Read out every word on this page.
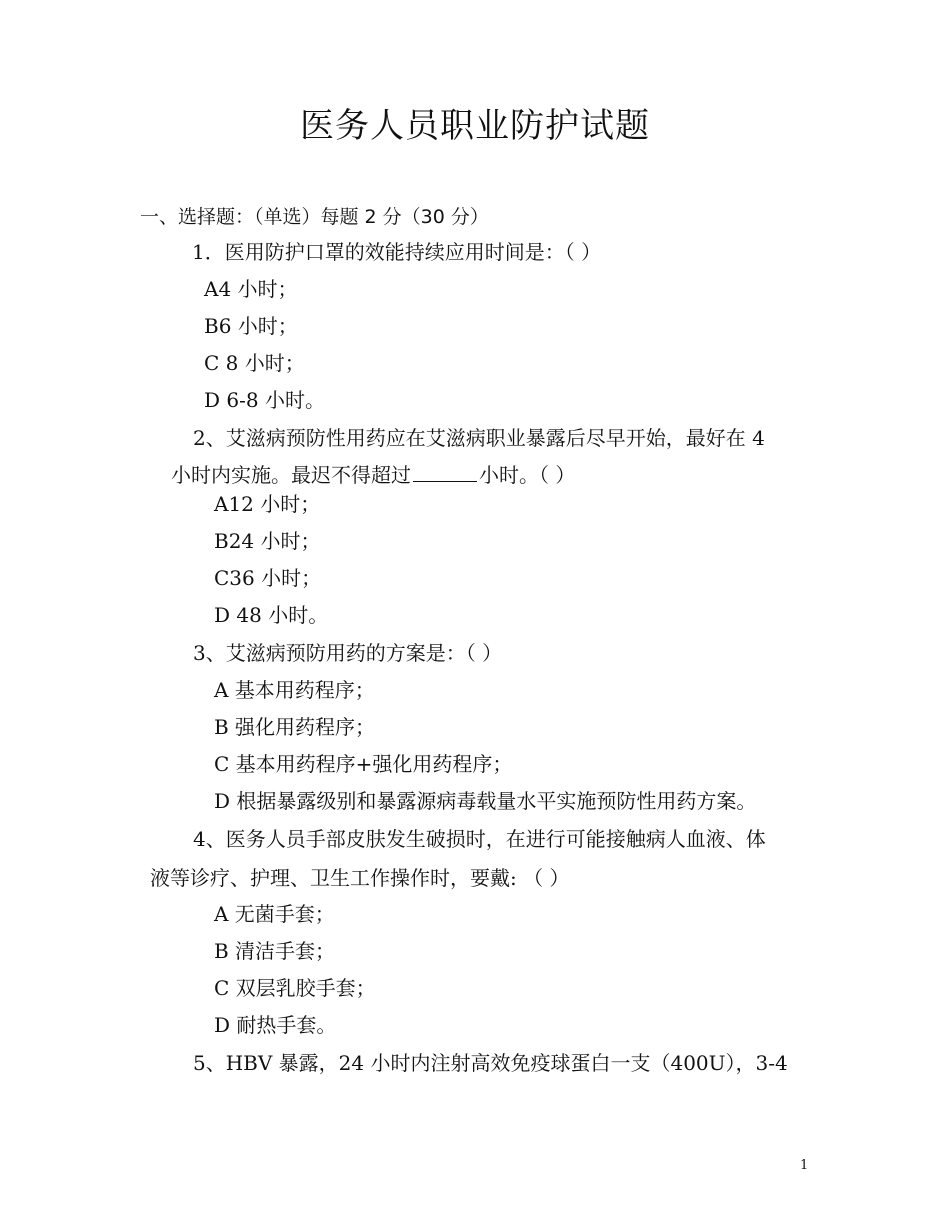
医务人员职业防护试题
一、选择题：（单选）每题 2 分（30 分）
1．医用防护口罩的效能持续应用时间是：（ ）
A4 小时；
B6 小时；
C 8 小时；
D 6-8 小时。
2、艾滋病预防性用药应在艾滋病职业暴露后尽早开始，最好在 4
小时内实施。最迟不得超过	小时。（ ）
A12 小时；
B24 小时；
C36 小时；
D 48 小时。
3、艾滋病预防用药的方案是：（ ）
A 基本用药程序；
B 强化用药程序；
C 基本用药程序+强化用药程序；
D 根据暴露级别和暴露源病毒载量水平实施预防性用药方案。
4、医务人员手部皮肤发生破损时，在进行可能接触病人血液、体
液等诊疗、护理、卫生工作操作时，要戴: （ ）
A 无菌手套；
B 清洁手套；
C 双层乳胶手套；
D 耐热手套。
5、HBV 暴露，24 小时内注射高效免疫球蛋白一支（400U），3-4
1
